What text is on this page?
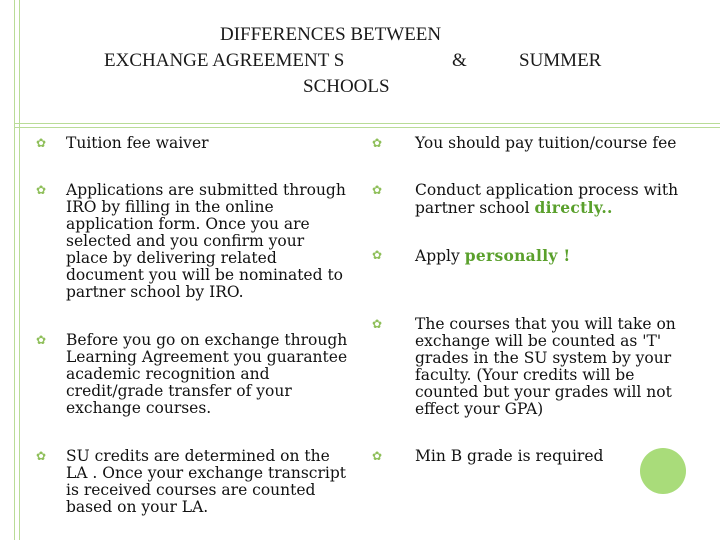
DIFFERENCES BETWEEN
EXCHANGE AGREEMENT S	&	SUMMER
SCHOOLS
✿ Tuition fee waiver
✿ Applications are submitted through IRO by filling in the online application form. Once you are selected and you confirm your place by delivering related document you will be nominated to partner school by IRO.
✿ Before you go on exchange through Learning Agreement you guarantee academic recognition and credit/grade transfer of your exchange courses.
✿ SU credits are determined on the LA . Once your exchange transcript is received courses are counted based on your LA.
✿ You should pay tuition/course fee
✿ Conduct application process with partner school directly..
✿ Apply personally !
✿ The courses that you will take on exchange will be counted as 'T' grades in the SU system by your faculty. (Your credits will be counted but your grades will not effect your GPA)
✿ Min B grade is required
